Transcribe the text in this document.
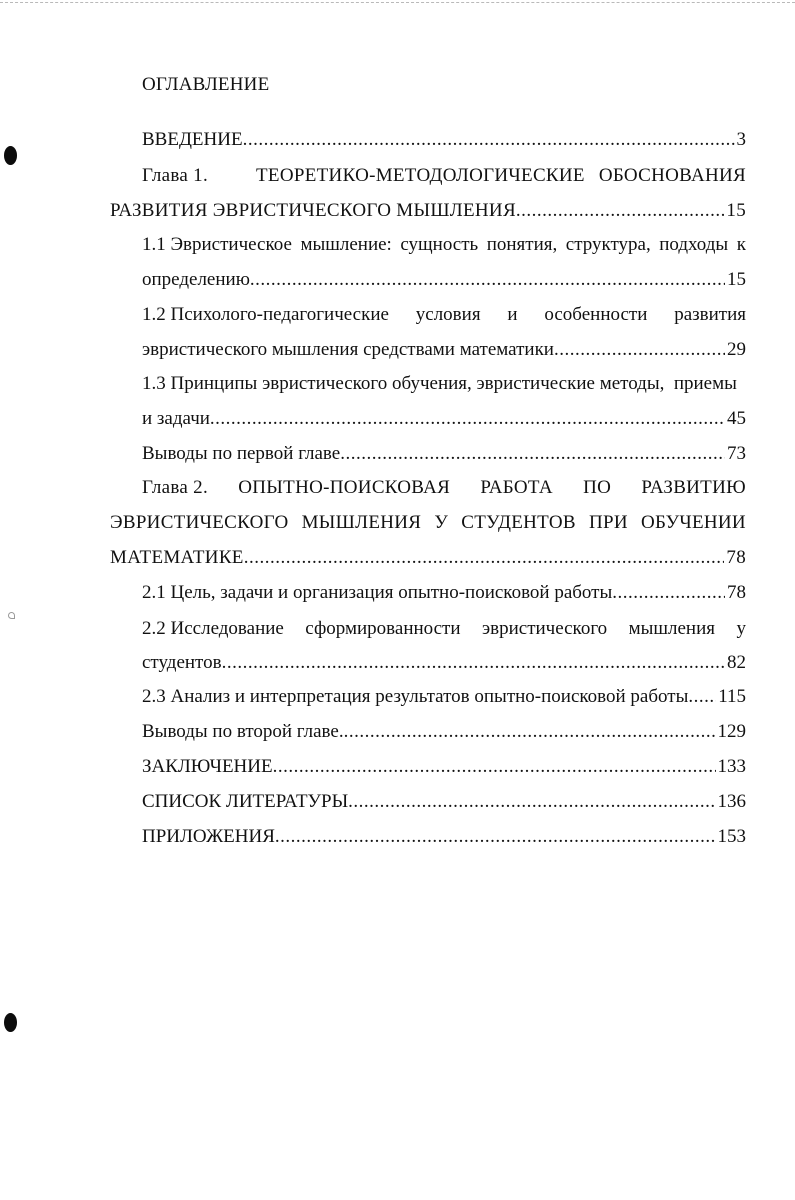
ОГЛАВЛЕНИЕ
ВВЕДЕНИЕ .....	3
Глава 1.	ТЕОРЕТИКО-МЕТОДОЛОГИЧЕСКИЕ ОБОСНОВАНИЯ
РАЗВИТИЯ ЭВРИСТИЧЕСКОГО МЫШЛЕНИЯ .....	15
1.1 Эвристическое мышление: сущность понятия, структура, подходы к
определению .....	15
1.2 Психолого-педагогические условия и особенности развития
эвристического мышления средствами математики .....	29
1.3 Принципы эвристического обучения, эвристические методы,  приемы
и задачи .....	45
Выводы по первой главе .....	73
Глава 2. ОПЫТНО-ПОИСКОВАЯ РАБОТА ПО РАЗВИТИЮ
ЭВРИСТИЧЕСКОГО МЫШЛЕНИЯ У СТУДЕНТОВ ПРИ ОБУЧЕНИИ
МАТЕМАТИКЕ .....	78
2.1 Цель, задачи и организация опытно-поисковой работы .....	78
2.2 Исследование сформированности эвристического мышления у
студентов .....	82
2.3 Анализ и интерпретация результатов опытно-поисковой работы ..... 115
Выводы по второй главе. .....	129
ЗАКЛЮЧЕНИЕ .....	133
СПИСОК ЛИТЕРАТУРЫ .....	136
ПРИЛОЖЕНИЯ .....	153
